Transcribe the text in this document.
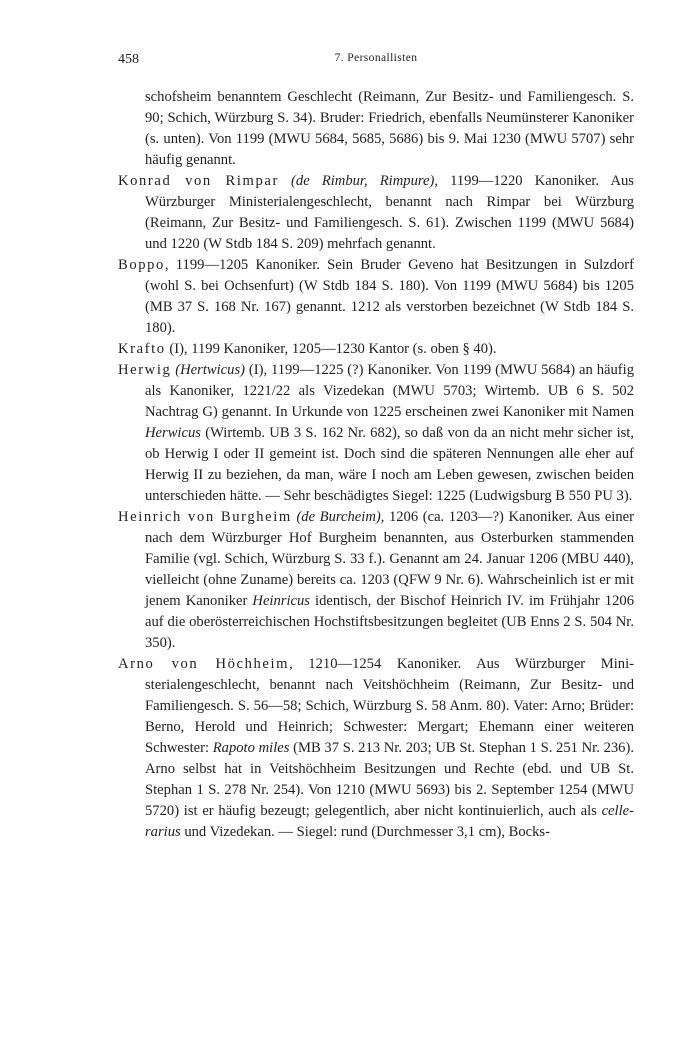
458	7. Personallisten

schofsheim benanntem Geschlecht (Reimann, Zur Besitz- und Familiengesch. S. 90; Schich, Würzburg S. 34). Bruder: Friedrich, ebenfalls Neumünsterer Kanoniker (s. unten). Von 1199 (MWU 5684, 5685, 5686) bis 9. Mai 1230 (MWU 5707) sehr häufig genannt.

Konrad von Rimpar (de Rimbur, Rimpure), 1199—1220 Kanoniker. Aus Würzburger Ministerialengeschlecht, benannt nach Rimpar bei Würzburg (Reimann, Zur Besitz- und Familiengesch. S. 61). Zwischen 1199 (MWU 5684) und 1220 (W Stdb 184 S. 209) mehrfach genannt.

Boppo, 1199—1205 Kanoniker. Sein Bruder Geveno hat Besitzungen in Sulzdorf (wohl S. bei Ochsenfurt) (W Stdb 184 S. 180). Von 1199 (MWU 5684) bis 1205 (MB 37 S. 168 Nr. 167) genannt. 1212 als verstorben bezeichnet (W Stdb 184 S. 180).

Krafto (I), 1199 Kanoniker, 1205—1230 Kantor (s. oben § 40).

Herwig (Hertwicus) (I), 1199—1225 (?) Kanoniker. Von 1199 (MWU 5684) an häufig als Kanoniker, 1221/22 als Vizedekan (MWU 5703; Wirtemb. UB 6 S. 502 Nachtrag G) genannt. In Urkunde von 1225 erscheinen zwei Kanoniker mit Namen Herwicus (Wirtemb. UB 3 S. 162 Nr. 682), so daß von da an nicht mehr sicher ist, ob Herwig I oder II gemeint ist. Doch sind die späteren Nennungen alle eher auf Herwig II zu beziehen, da man, wäre I noch am Leben gewesen, zwischen beiden unterschieden hätte. — Sehr beschädigtes Siegel: 1225 (Ludwigsburg B 550 PU 3).

Heinrich von Burgheim (de Burcheim), 1206 (ca. 1203—?) Kanoniker. Aus einer nach dem Würzburger Hof Burgheim benannten, aus Osterburken stammenden Familie (vgl. Schich, Würzburg S. 33 f.). Genannt am 24. Januar 1206 (MBU 440), vielleicht (ohne Zuname) bereits ca. 1203 (QFW 9 Nr. 6). Wahrscheinlich ist er mit jenem Kanoniker Heinricus identisch, der Bischof Heinrich IV. im Frühjahr 1206 auf die oberösterreichischen Hochstiftsbesitzungen begleitet (UB Enns 2 S. 504 Nr. 350).

Arno von Höchheim, 1210—1254 Kanoniker. Aus Würzburger Ministerialengeschlecht, benannt nach Veitshöchheim (Reimann, Zur Besitz- und Familiengesch. S. 56—58; Schich, Würzburg S. 58 Anm. 80). Vater: Arno; Brüder: Berno, Herold und Heinrich; Schwester: Mergart; Ehemann einer weiteren Schwester: Rapoto miles (MB 37 S. 213 Nr. 203; UB St. Stephan 1 S. 251 Nr. 236). Arno selbst hat in Veitshöchheim Besitzungen und Rechte (ebd. und UB St. Stephan 1 S. 278 Nr. 254). Von 1210 (MWU 5693) bis 2. September 1254 (MWU 5720) ist er häufig bezeugt; gelegentlich, aber nicht kontinuierlich, auch als cellerarius und Vizedekan. — Siegel: rund (Durchmesser 3,1 cm), Bocks-
